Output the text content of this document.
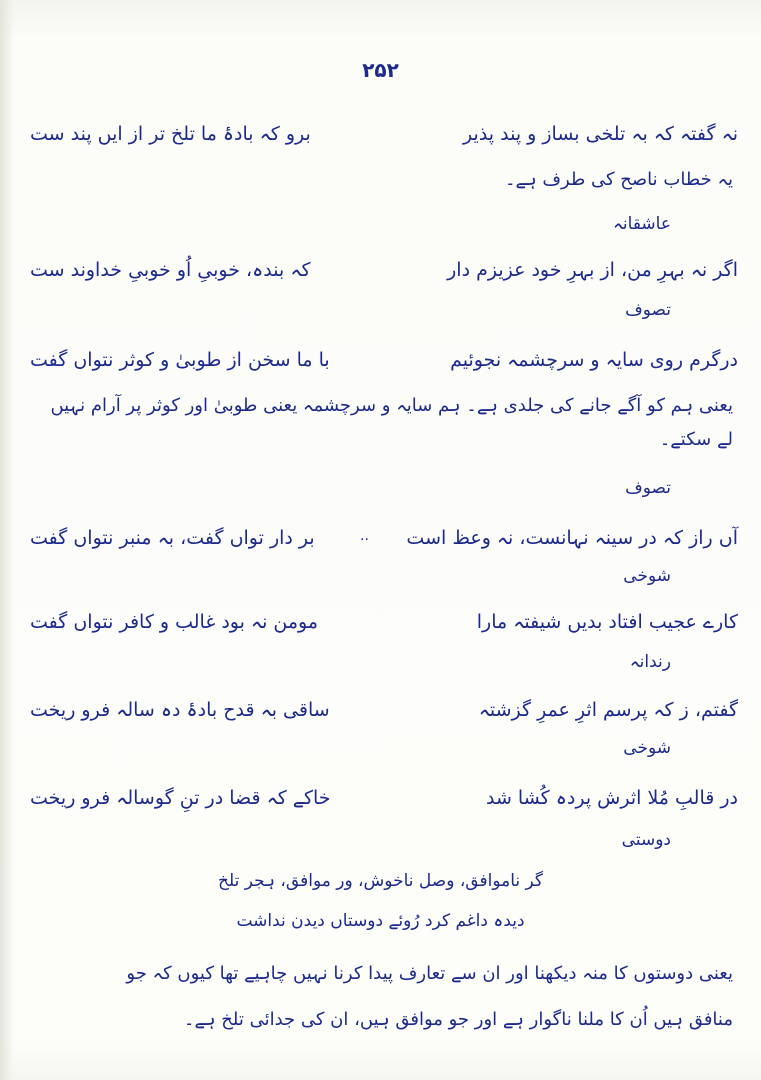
۲۵۲
نہ گفتہ کہ بہ تلخی بساز و پند پذیر
برو کہ بادۂ ما تلخ تر از ایں پند ست
یہ خطاب ناصح کی طرف ہے۔
عاشقانہ
اگر نہ بہرِ من، از بہرِ خود عزیزم دار
کہ بندہ، خوبیِ اُو خوبیِ خداوند ست
تصوف
درگرم روی سایہ و سرچشمہ نجوئیم
با ما سخن از طوبیٰ و کوثر نتواں گفت
یعنی ہم کو آگے جانے کی جلدی ہے۔ ہم سایہ و سرچشمہ یعنی طوبیٰ اور کوثر پر آرام نہیں
لے سکتے۔
تصوف
آں راز کہ در سینہ نہانست، نہ وعظ است
..
بر دار تواں گفت، بہ منبر نتواں گفت
شوخی
کارے عجیب افتاد بدیں شیفتہ مارا
مومن نہ بود غالب و کافر نتواں گفت
رندانہ
گفتم، ز کہ پرسم اثرِ عمرِ گزشتہ
ساقی بہ قدح بادۂ دہ سالہ فرو ریخت
شوخی
در قالبِ مُلا اثرش پردہ کُشا شد
خاکے کہ قضا در تنِ گوسالہ فرو ریخت
دوستی
گر ناموافق، وصل ناخوش، ور موافق، ہجر تلخ
دیدہ داغم کرد رُوئے دوستاں دیدن نداشت
یعنی دوستوں کا منہ دیکھنا اور ان سے تعارف پیدا کرنا نہیں چاہیے تھا کیوں کہ جو
منافق ہیں اُن کا ملنا ناگوار ہے اور جو موافق ہیں، ان کی جدائی تلخ ہے۔
